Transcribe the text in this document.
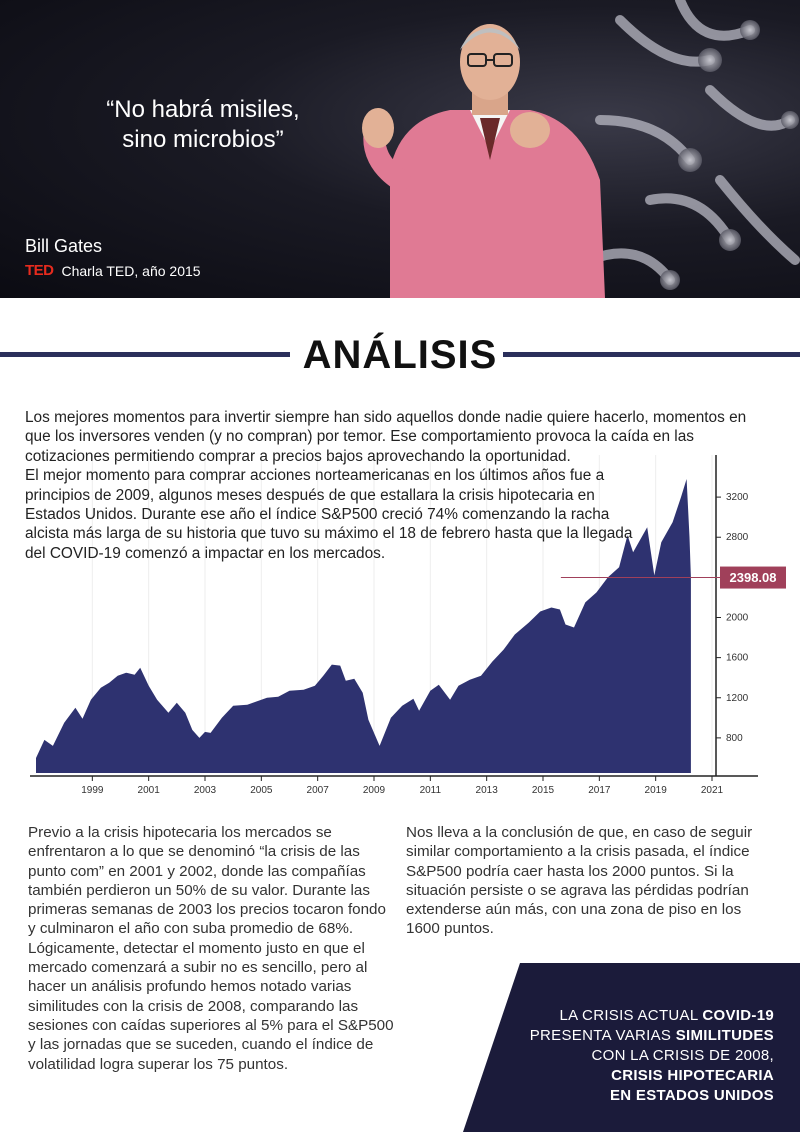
“No habrá misiles, sino microbios”
Bill Gates
TED Charla TED, año 2015
ANÁLISIS
1999	2001	2003	2005	2007	2009	2011	2013	2015	2017	2019	2021
800
1200
1600
2000
2800
3200
2398.08

Los mejores momentos para invertir siempre han sido aquellos donde nadie quiere hacerlo, momentos en que los inversores venden (y no compran) por temor. Ese comportamiento provoca la caída en las cotizaciones permitiendo comprar a precios bajos aprovechando la oportunidad.

El mejor momento para comprar acciones norteamericanas en los últimos años fue a principios de 2009, algunos meses después de que estallara la crisis hipotecaria en Estados Unidos. Durante ese año el índice S&P500 creció 74% comenzando la racha alcista más larga de su historia que tuvo su máximo el 18 de febrero hasta que la llegada del COVID-19 comenzó a impactar en los mercados.

Previo a la crisis hipotecaria los mercados se enfrentaron a lo que se denominó “la crisis de las punto com” en 2001 y 2002, donde las compañías también perdieron un 50% de su valor. Durante las primeras semanas de 2003 los precios tocaron fondo y culminaron el año con suba promedio de 68%. Lógicamente, detectar el momento justo en que el mercado comenzará a subir no es sencillo, pero al hacer un análisis profundo hemos notado varias similitudes con la crisis de 2008, comparando las sesiones con caídas superiores al 5% para el S&P500 y las jornadas que se suceden, cuando el índice de volatilidad logra superar los 75 puntos.
Nos lleva a la conclusión de que, en caso de seguir similar comportamiento a la crisis pasada, el índice S&P500 podría caer hasta los 2000 puntos. Si la situación persiste o se agrava las pérdidas podrían extenderse aún más, con una zona de piso en los 1600 puntos.
LA CRISIS ACTUAL COVID-19
PRESENTA VARIAS SIMILITUDES
CON LA CRISIS DE 2008,
CRISIS HIPOTECARIA
EN ESTADOS UNIDOS
